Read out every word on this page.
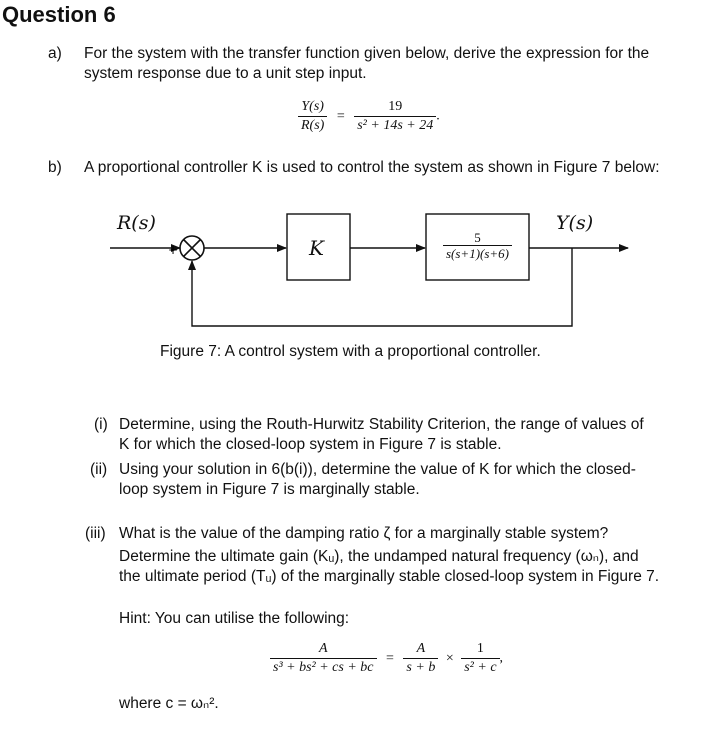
Question 6
a) For the system with the transfer function given below, derive the expression for the
system response due to a unit step input.
$\frac{Y(s)}{R(s)} = \frac{19}{\text{s² + 14s + 24}}$ .
b) A proportional controller K is used to control the system as shown in Figure 7 below:
+
R(s)	Y(s)
K	$\frac{5}{s(s+1)(s+6)}$
Figure 7: A control system with a proportional controller.
(i) Determine, using the Routh-Hurwitz Stability Criterion, the range of values of
K for which the closed-loop system in Figure 7 is stable.
(ii) Using your solution in 6(b(i)), determine the value of K for which the closed-
loop system in Figure 7 is marginally stable.
(iii) What is the value of the damping ratio ζ for a marginally stable system?
Determine the ultimate gain (Kᵤ), the undamped natural frequency (ωₙ), and
the ultimate period (Tᵤ) of the marginally stable closed-loop system in Figure 7.
Hint: You can utilise the following:
$\frac{A}{\text{s³ + bs² + cs + bc}} = \frac{A}{s + b} \times \frac{1}{\text{s² + c}}$ ,
where c = ωₙ².
